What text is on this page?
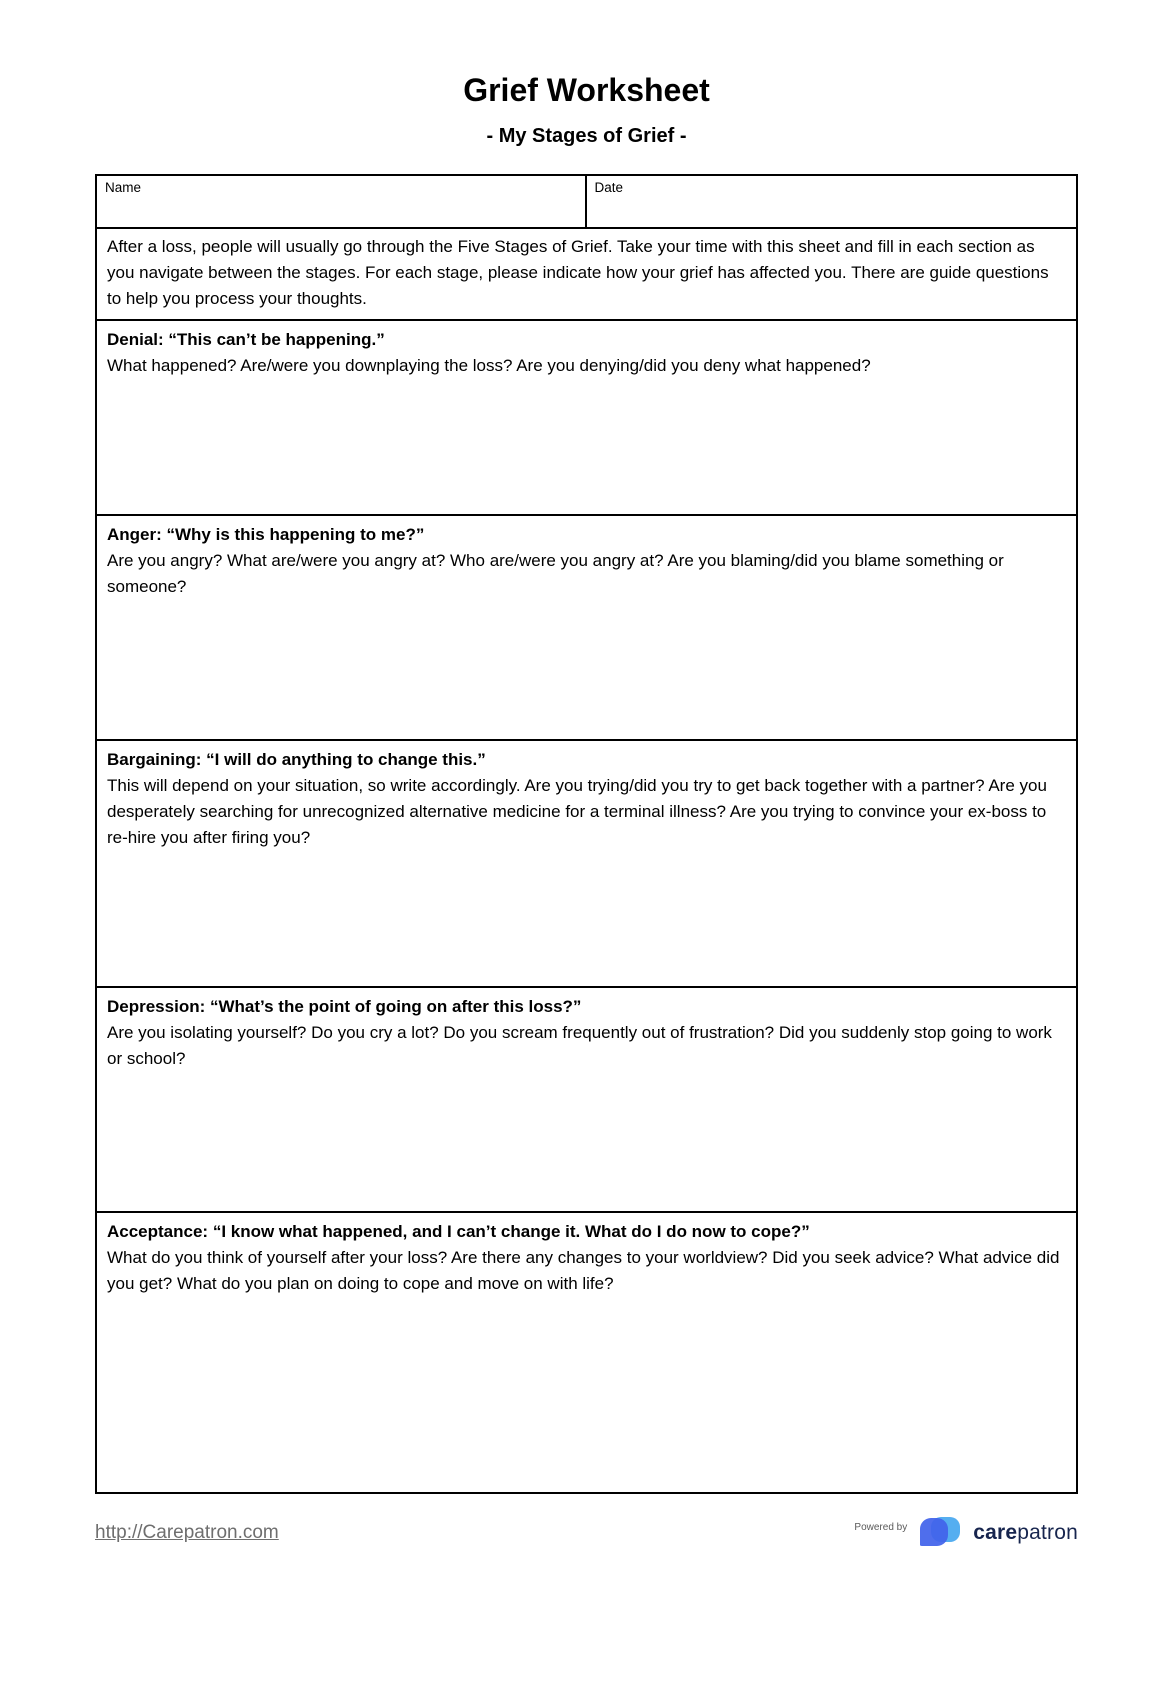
Grief Worksheet
- My Stages of Grief -
Name	Date
After a loss, people will usually go through the Five Stages of Grief. Take your time with this sheet and fill in each section as you navigate between the stages. For each stage, please indicate how your grief has affected you. There are guide questions to help you process your thoughts.
Denial: “This can’t be happening.”
What happened? Are/were you downplaying the loss? Are you denying/did you deny what happened?
Anger: “Why is this happening to me?”
Are you angry? What are/were you angry at? Who are/were you angry at? Are you blaming/did you blame something or someone?
Bargaining: “I will do anything to change this.”
This will depend on your situation, so write accordingly. Are you trying/did you try to get back together with a partner? Are you desperately searching for unrecognized alternative medicine for a terminal illness? Are you trying to convince your ex-boss to re-hire you after firing you?
Depression: “What’s the point of going on after this loss?”
Are you isolating yourself? Do you cry a lot? Do you scream frequently out of frustration? Did you suddenly stop going to work or school?
Acceptance: “I know what happened, and I can’t change it. What do I do now to cope?”
What do you think of yourself after your loss? Are there any changes to your worldview? Did you seek advice? What advice did you get? What do you plan on doing to cope and move on with life?
http://Carepatron.com	Powered by	carepatron
